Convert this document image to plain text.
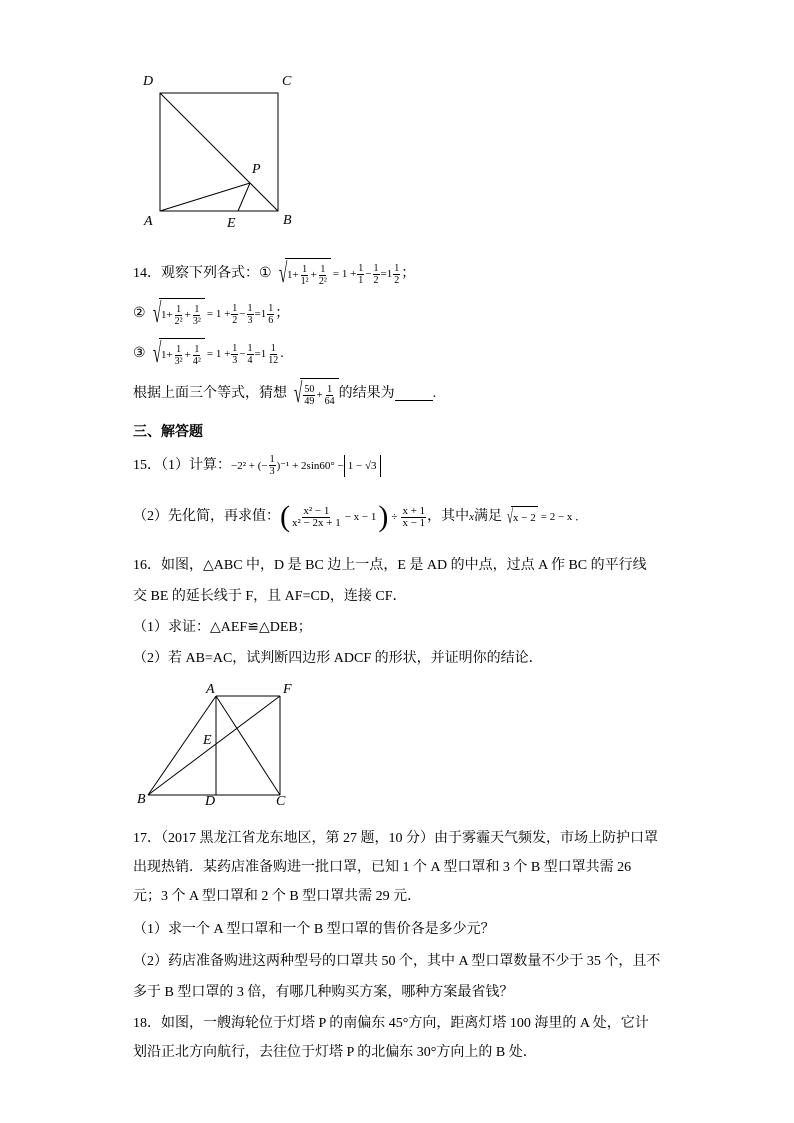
D	C
A	B
E
P
14．观察下列各式： ① √ $1 + \frac{1}{\text{1²}} + \frac{1}{\text{2²}} = 1 + \frac{1}{1} - \frac{1}{2} =1 \frac{1}{2}$ ；
② √ $1 + \frac{1}{\text{2²}} + \frac{1}{\text{3²}} = 1 + \frac{1}{2} - \frac{1}{3} =1 \frac{1}{6}$ ；
③ √ $1 + \frac{1}{\text{3²}} + \frac{1}{\text{4²}} = 1 + \frac{1}{3} - \frac{1}{4} =1 \frac{1}{12}$ .
根据上面三个等式，猜想 √ $\frac{50}{49} + \frac{1}{64}$ 的结果为	.
三、解答题
15．（1）计算： −2² + (− $\frac{1}{3} )^{-1} + 2\sin 60^\circ - 1 - √3$
（2）先化简，再求值： ( $\frac{\text{x² − 1}}{\text{x² − 2x + 1}} - x - 1$ ) ÷ $\frac{x + 1}{x - 1}$ ，其中 x 满足 √ x − 2 = 2 − x ．
16．如图，△ABC 中，D 是 BC 边上一点，E 是 AD 的中点，过点 A 作 BC 的平行线
交 BE 的延长线于 F，且 AF=CD，连接 CF．
（1）求证：△AEF≌△DEB；
（2）若 AB=AC，试判断四边形 ADCF 的形状，并证明你的结论．
A	F
E
B	D	C
17．（2017 黑龙江省龙东地区，第 27 题，10 分）由于雾霾天气频发，市场上防护口罩
出现热销．某药店准备购进一批口罩，已知 1 个 A 型口罩和 3 个 B 型口罩共需 26
元；3 个 A 型口罩和 2 个 B 型口罩共需 29 元．
（1）求一个 A 型口罩和一个 B 型口罩的售价各是多少元？
（2）药店准备购进这两种型号的口罩共 50 个，其中 A 型口罩数量不少于 35 个，且不
多于 B 型口罩的 3 倍，有哪几种购买方案，哪种方案最省钱？
18．如图，一艘海轮位于灯塔 P 的南偏东 45°方向，距离灯塔 100 海里的 A 处，它计
划沿正北方向航行，去往位于灯塔 P 的北偏东 30°方向上的 B 处．
